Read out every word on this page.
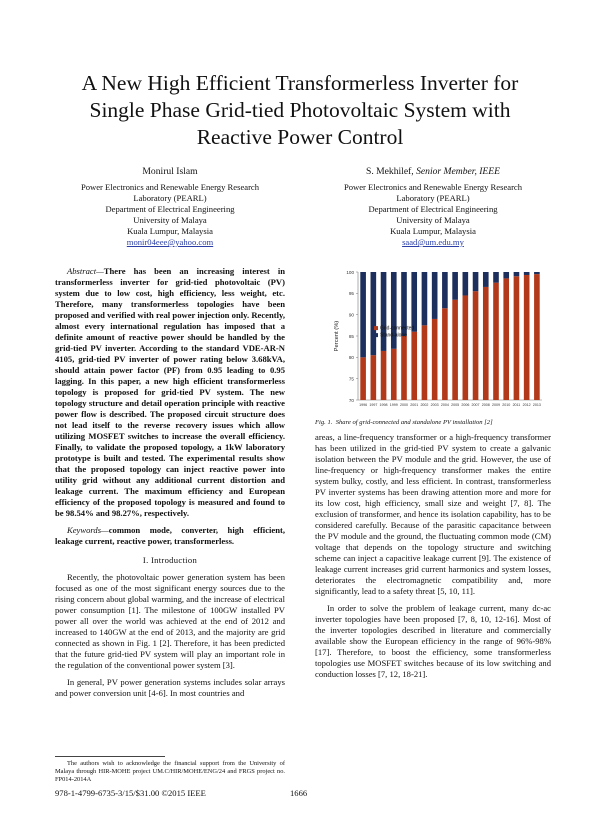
A New High Efficient Transformerless Inverter for
Single Phase Grid-tied Photovoltaic System with
Reactive Power Control
Monirul Islam
Power Electronics and Renewable Energy Research
Laboratory (PEARL)
Department of Electrical Engineering
University of Malaya
Kuala Lumpur, Malaysia
monir04eee@yahoo.com
S. Mekhilef, Senior Member, IEEE
Power Electronics and Renewable Energy Research
Laboratory (PEARL)
Department of Electrical Engineering
University of Malaya
Kuala Lumpur, Malaysia
saad@um.edu.my

Abstract—There has been an increasing interest in transformerless inverter for grid-tied photovoltaic (PV) system due to low cost, high efficiency, less weight, etc. Therefore, many transformerless topologies have been proposed and verified with real power injection only. Recently, almost every international regulation has imposed that a definite amount of reactive power should be handled by the grid-tied PV inverter. According to the standard VDE-AR-N 4105, grid-tied PV inverter of power rating below 3.68kVA, should attain power factor (PF) from 0.95 leading to 0.95 lagging. In this paper, a new high efficient transformerless topology is proposed for grid-tied PV system. The new topology structure and detail operation principle with reactive power flow is described. The proposed circuit structure does not lead itself to the reverse recovery issues which allow utilizing MOSFET switches to increase the overall efficiency. Finally, to validate the proposed topology, a 1kW laboratory prototype is built and tested. The experimental results show that the proposed topology can inject reactive power into utility grid without any additional current distortion and leakage current. The maximum efficiency and European efficiency of the proposed topology is measured and found to be 98.54% and 98.27%, respectively.

Keywords—common mode, converter, high efficient, leakage current, reactive power, transformerless.

I. Introduction

Recently, the photovoltaic power generation system has been focused as one of the most significant energy sources due to the rising concern about global warming, and the increase of electrical power consumption [1]. The milestone of 100GW installed PV power all over the world was achieved at the end of 2012 and increased to 140GW at the end of 2013, and the majority are grid connected as shown in Fig. 1 [2]. Therefore, it has been predicted that the future grid-tied PV system will play an important role in the regulation of the conventional power system [3].

In general, PV power generation systems includes solar arrays and power conversion unit [4-6]. In most countries and

The authors wish to acknowledge the financial support from the University of Malaya through HIR-MOHE project UM.C/HIR/MOHE/ENG/24 and FRGS project no. FP014-2014A

70
75
80
85
90
95
100
Percent (%)
1996 1997 1998 1999 2000 2001 2002 2003 2004 2005 2006 2007 2008 2009 2010 2011 2012 2013
Grid-connected
Stand-alone
Fig. 1. Share of grid-connected and standalone PV installation [2]

areas, a line-frequency transformer or a high-frequency transformer has been utilized in the grid-tied PV system to create a galvanic isolation between the PV module and the grid. However, the use of line-frequency or high-frequency transformer makes the entire system bulky, costly, and less efficient. In contrast, transformerless PV inverter systems has been drawing attention more and more for its low cost, high efficiency, small size and weight [7, 8]. The exclusion of transformer, and hence its isolation capability, has to be considered carefully. Because of the parasitic capacitance between the PV module and the ground, the fluctuating common mode (CM) voltage that depends on the topology structure and switching scheme can inject a capacitive leakage current [9]. The existence of leakage current increases grid current harmonics and system losses, deteriorates the electromagnetic compatibility and, more significantly, lead to a safety threat [5, 10, 11].

In order to solve the problem of leakage current, many dc-ac inverter topologies have been proposed [7, 8, 10, 12-16]. Most of the inverter topologies described in literature and commercially available show the European efficiency in the range of 96%-98% [17]. Therefore, to boost the efficiency, some transformerless topologies use MOSFET switches because of its low switching and conduction losses [7, 12, 18-21].

978-1-4799-6735-3/15/$31.00 ©2015 IEEE	1666
